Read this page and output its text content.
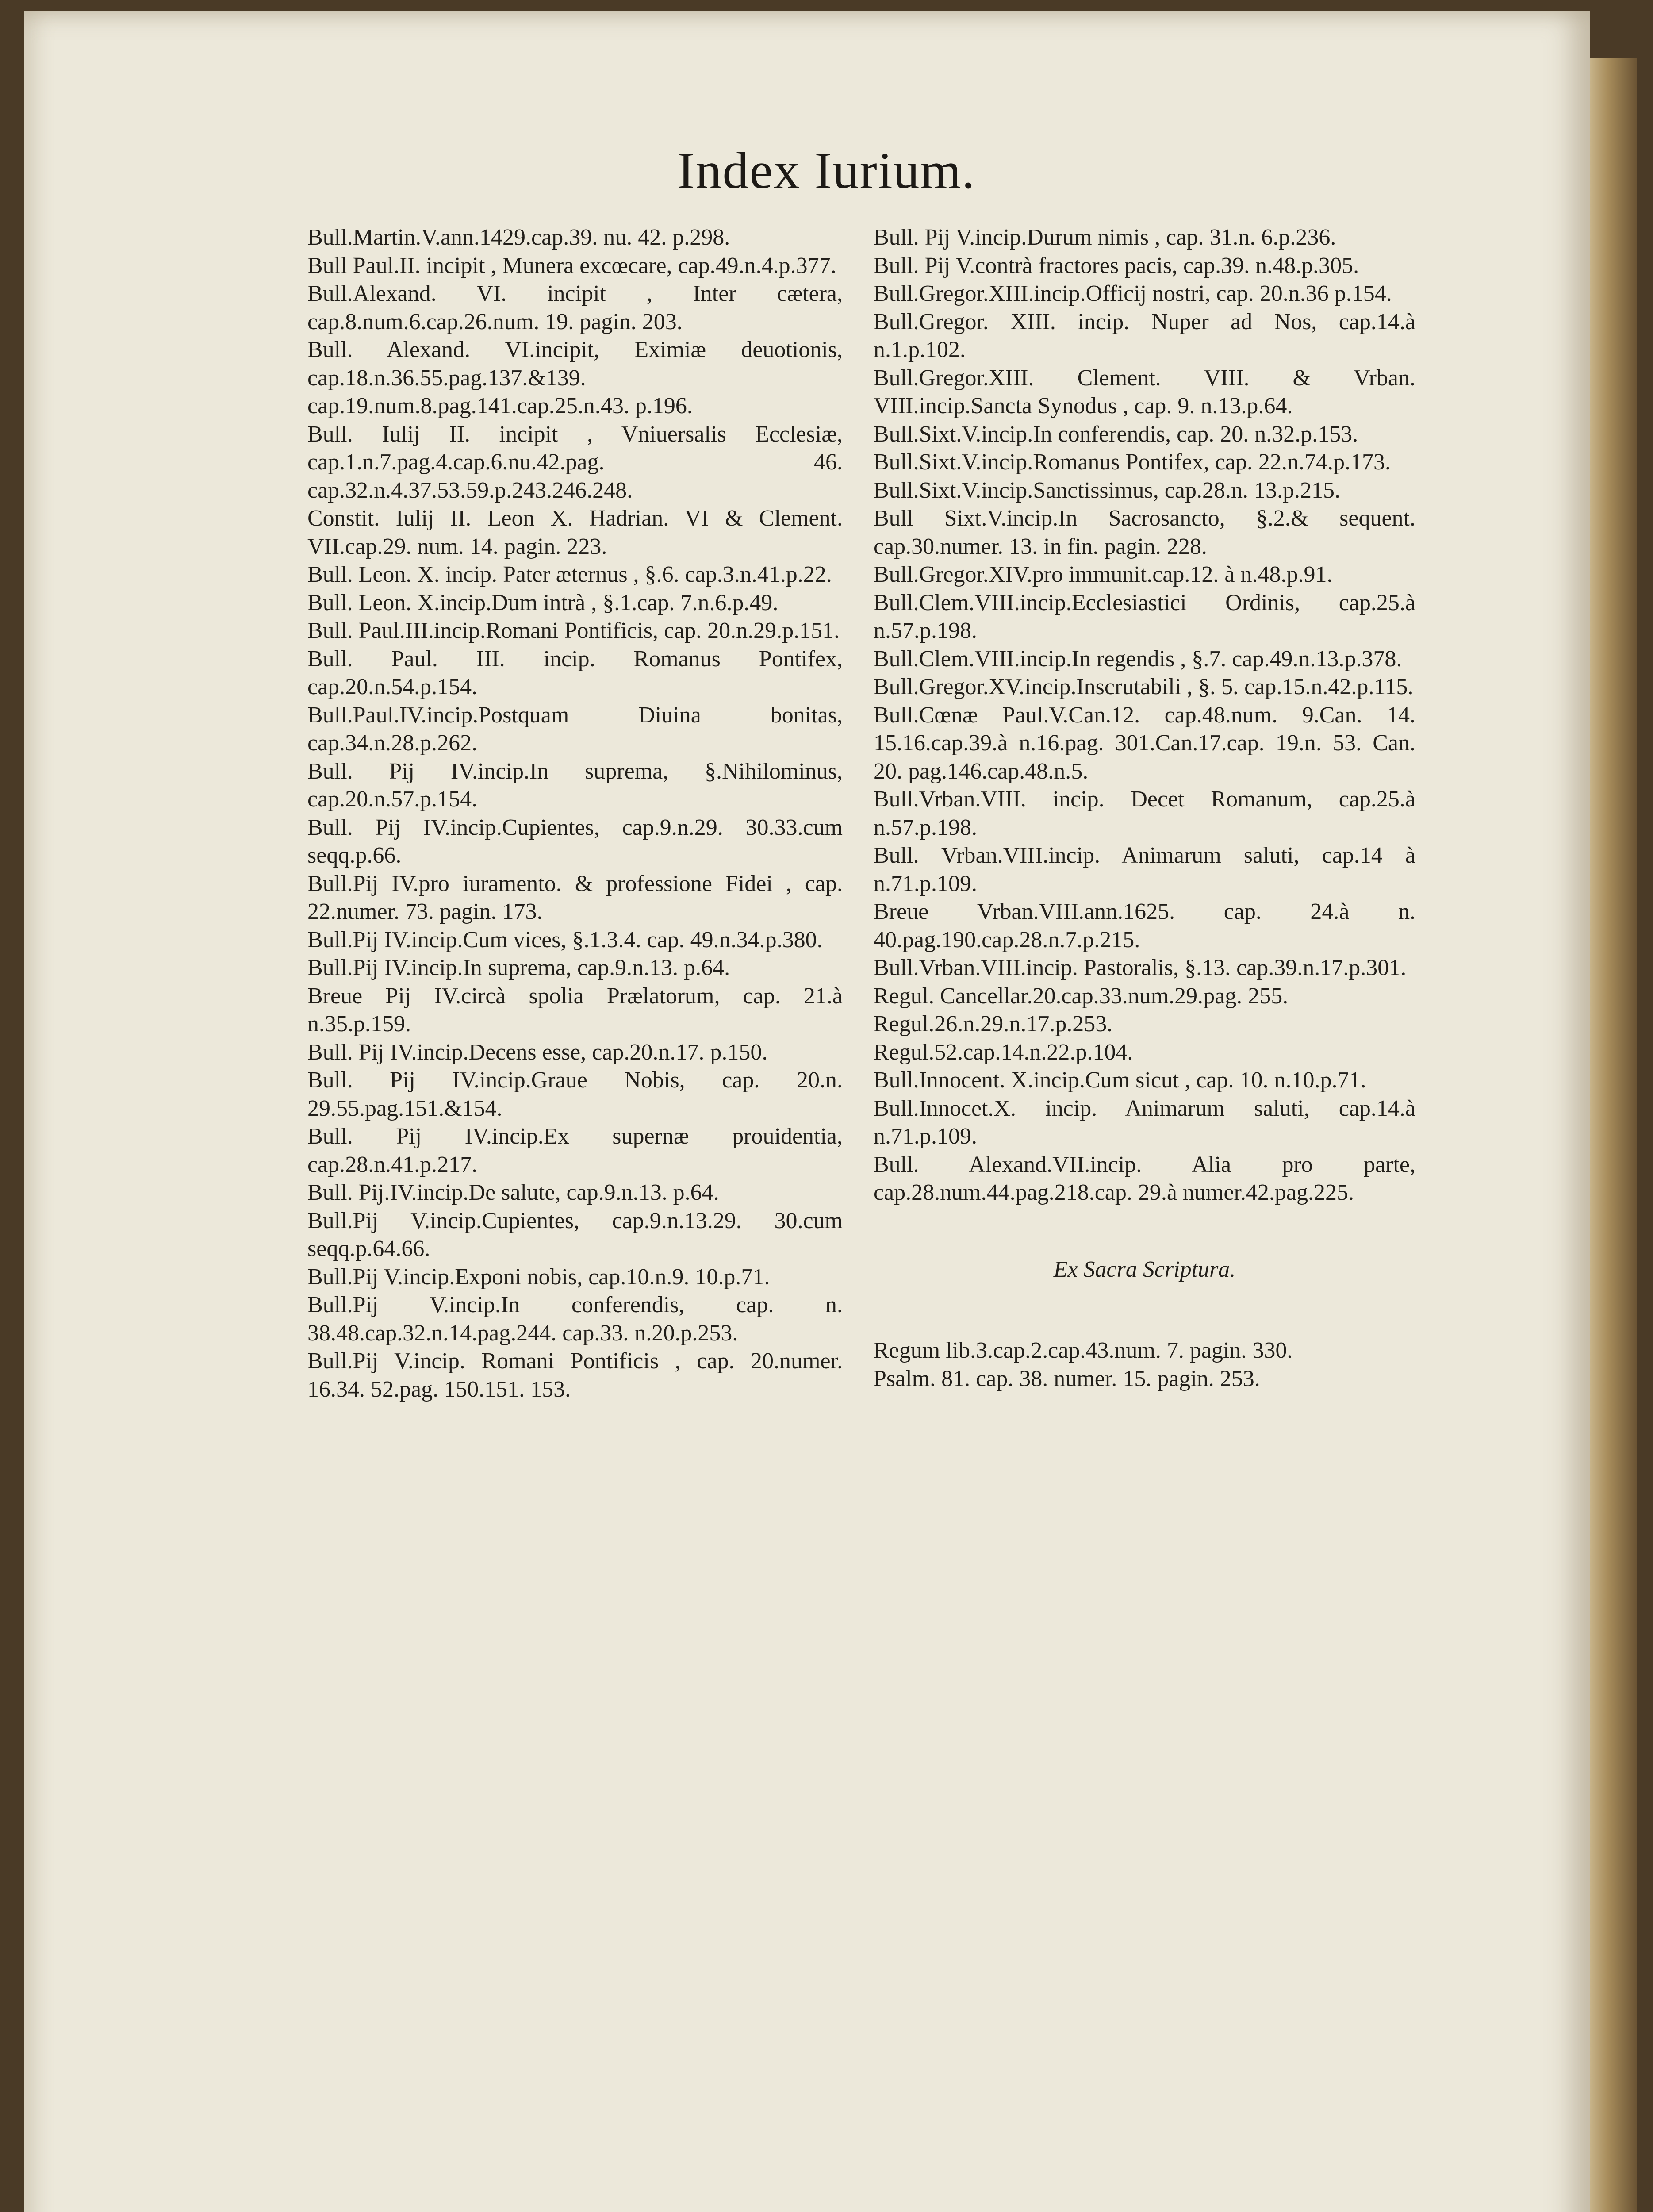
Index Iurium.

Bull.Martin.V.ann.1429.cap.39. nu. 42. p.298.

Bull Paul.II. incipit , Munera excœcare, cap.49.n.4.p.377.

Bull.Alexand. VI. incipit , Inter cætera, cap.8.num.6.cap.26.num. 19. pagin. 203.

Bull. Alexand. VI.incipit, Eximiæ deuotionis, cap.18.n.36.55.pag.137.&139. cap.19.num.8.pag.141.cap.25.n.43. p.196.

Bull. Iulij II. incipit , Vniuersalis Ecclesiæ, cap.1.n.7.pag.4.cap.6.nu.42.pag. 46. cap.32.n.4.37.53.59.p.243.246.248.

Constit. Iulij II. Leon X. Hadrian. VI & Clement. VII.cap.29. num. 14. pagin. 223.

Bull. Leon. X. incip. Pater æternus , §.6. cap.3.n.41.p.22.

Bull. Leon. X.incip.Dum intrà , §.1.cap. 7.n.6.p.49.

Bull. Paul.III.incip.Romani Pontificis, cap. 20.n.29.p.151.

Bull. Paul. III. incip. Romanus Pontifex, cap.20.n.54.p.154.

Bull.Paul.IV.incip.Postquam Diuina bonitas, cap.34.n.28.p.262.

Bull. Pij IV.incip.In suprema, §.Nihilominus, cap.20.n.57.p.154.

Bull. Pij IV.incip.Cupientes, cap.9.n.29. 30.33.cum seqq.p.66.

Bull.Pij IV.pro iuramento. & professione Fidei , cap. 22.numer. 73. pagin. 173.

Bull.Pij IV.incip.Cum vices, §.1.3.4. cap. 49.n.34.p.380.

Bull.Pij IV.incip.In suprema, cap.9.n.13. p.64.

Breue Pij IV.circà spolia Prælatorum, cap. 21.à n.35.p.159.

Bull. Pij IV.incip.Decens esse, cap.20.n.17. p.150.

Bull. Pij IV.incip.Graue Nobis, cap. 20.n. 29.55.pag.151.&154.

Bull. Pij IV.incip.Ex supernæ prouidentia, cap.28.n.41.p.217.

Bull. Pij.IV.incip.De salute, cap.9.n.13. p.64.

Bull.Pij V.incip.Cupientes, cap.9.n.13.29. 30.cum seqq.p.64.66.

Bull.Pij V.incip.Exponi nobis, cap.10.n.9. 10.p.71.

Bull.Pij V.incip.In conferendis, cap. n. 38.48.cap.32.n.14.pag.244. cap.33. n.20.p.253.

Bull.Pij V.incip. Romani Pontificis , cap. 20.numer. 16.34. 52.pag. 150.151. 153.

Bull. Pij V.incip.Durum nimis , cap. 31.n. 6.p.236.

Bull. Pij V.contrà fractores pacis, cap.39. n.48.p.305.

Bull.Gregor.XIII.incip.Officij nostri, cap. 20.n.36 p.154.

Bull.Gregor. XIII. incip. Nuper ad Nos, cap.14.à n.1.p.102.

Bull.Gregor.XIII. Clement. VIII. & Vrban. VIII.incip.Sancta Synodus , cap. 9. n.13.p.64.

Bull.Sixt.V.incip.In conferendis, cap. 20. n.32.p.153.

Bull.Sixt.V.incip.Romanus Pontifex, cap. 22.n.74.p.173.

Bull.Sixt.V.incip.Sanctissimus, cap.28.n. 13.p.215.

Bull Sixt.V.incip.In Sacrosancto, §.2.& sequent. cap.30.numer. 13. in fin. pagin. 228.

Bull.Gregor.XIV.pro immunit.cap.12. à n.48.p.91.

Bull.Clem.VIII.incip.Ecclesiastici Ordinis, cap.25.à n.57.p.198.

Bull.Clem.VIII.incip.In regendis , §.7. cap.49.n.13.p.378.

Bull.Gregor.XV.incip.Inscrutabili , §. 5. cap.15.n.42.p.115.

Bull.Cœnæ Paul.V.Can.12. cap.48.num. 9.Can. 14. 15.16.cap.39.à n.16.pag. 301.Can.17.cap. 19.n. 53. Can. 20. pag.146.cap.48.n.5.

Bull.Vrban.VIII. incip. Decet Romanum, cap.25.à n.57.p.198.

Bull. Vrban.VIII.incip. Animarum saluti, cap.14 à n.71.p.109.

Breue Vrban.VIII.ann.1625. cap. 24.à n. 40.pag.190.cap.28.n.7.p.215.

Bull.Vrban.VIII.incip. Pastoralis, §.13. cap.39.n.17.p.301.

Regul. Cancellar.20.cap.33.num.29.pag. 255.

Regul.26.n.29.n.17.p.253.

Regul.52.cap.14.n.22.p.104.

Bull.Innocent. X.incip.Cum sicut , cap. 10. n.10.p.71.

Bull.Innocet.X. incip. Animarum saluti, cap.14.à n.71.p.109.

Bull. Alexand.VII.incip. Alia pro parte, cap.28.num.44.pag.218.cap. 29.à numer.42.pag.225.

Ex Sacra Scriptura.

Regum lib.3.cap.2.cap.43.num. 7. pagin. 330.

Psalm. 81. cap. 38. numer. 15. pagin. 253.
